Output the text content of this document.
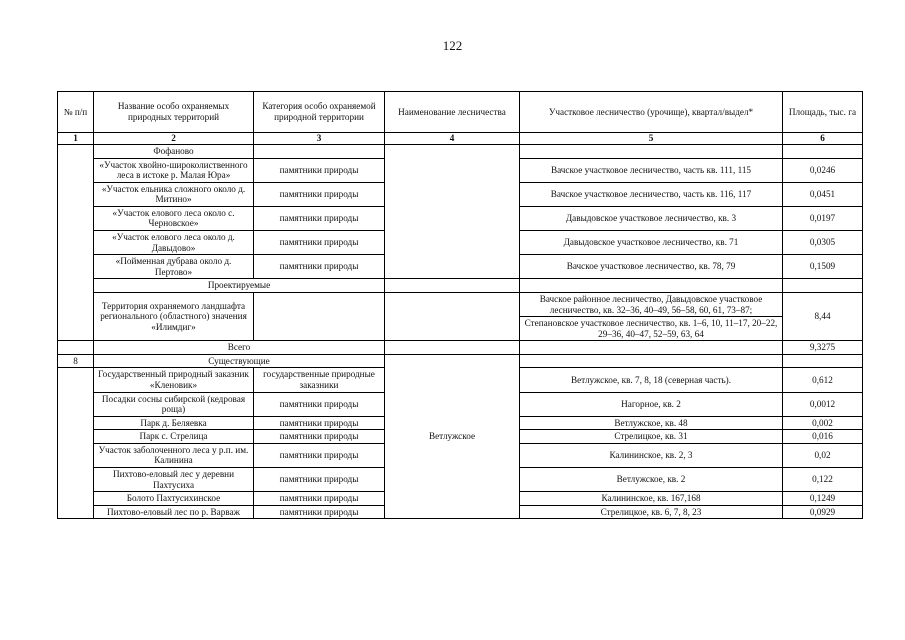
122
№ п/п	Название особо охраняемых природных территорий	Категория особо охраняемой природной территории	Наименование лесничества	Участковое лесничество (урочище), квартал/выдел*	Площадь, тыс. га
1	2	3	4	5	6
	Фофаново				
	«Участок хвойно-широколиственного леса в истоке р. Малая Юра»	памятники природы		Вачское участковое лесничество, часть кв. 111, 115	0,0246
	«Участок ельника сложного около д. Митино»	памятники природы		Вачское участковое лесничество, часть кв. 116, 117	0,0451
	«Участок елового леса около с. Черновское»	памятники природы		Давыдовское участковое лесничество, кв. 3	0,0197
	«Участок елового леса около д. Давыдово»	памятники природы		Давыдовское участковое лесничество, кв. 71	0,0305
	«Пойменная дубрава около д. Пертово»	памятники природы		Вачское участковое лесничество, кв. 78, 79	0,1509
	Проектируемые				
	Территория охраняемого ландшафта регионального (областного) значения «Илимдиг»			Вачское районное лесничество, Давыдовское участковое лесничество, кв. 32–36, 40–49, 56–58, 60, 61, 73–87;	8,44
				Степановское участковое лесничество, кв. 1–6, 10, 11–17, 20–22, 29–36, 40–47, 52–59, 63, 64	
	Всего				9,3275
8	Существующие		Ветлужское		
	Государственный природный заказник «Кленовик»	государственные природные заказники		Ветлужское, кв. 7, 8, 18 (северная часть).	0,612
	Посадки сосны сибирской (кедровая роща)	памятники природы		Нагорное, кв. 2	0,0012
	Парк д. Беляевка	памятники природы		Ветлужское, кв. 48	0,002
	Парк с. Стрелица	памятники природы		Стрелицкое, кв. 31	0,016
	Участок заболоченного леса у р.п. им. Калинина	памятники природы		Калининское, кв. 2, 3	0,02
	Пихтово-еловый лес у деревни Пахтусиха	памятники природы		Ветлужское, кв. 2	0,122
	Болото Пахтусихинское	памятники природы		Калининское, кв. 167,168	0,1249
	Пихтово-еловый лес по р. Варваж	памятники природы		Стрелицкое, кв. 6, 7, 8, 23	0,0929
